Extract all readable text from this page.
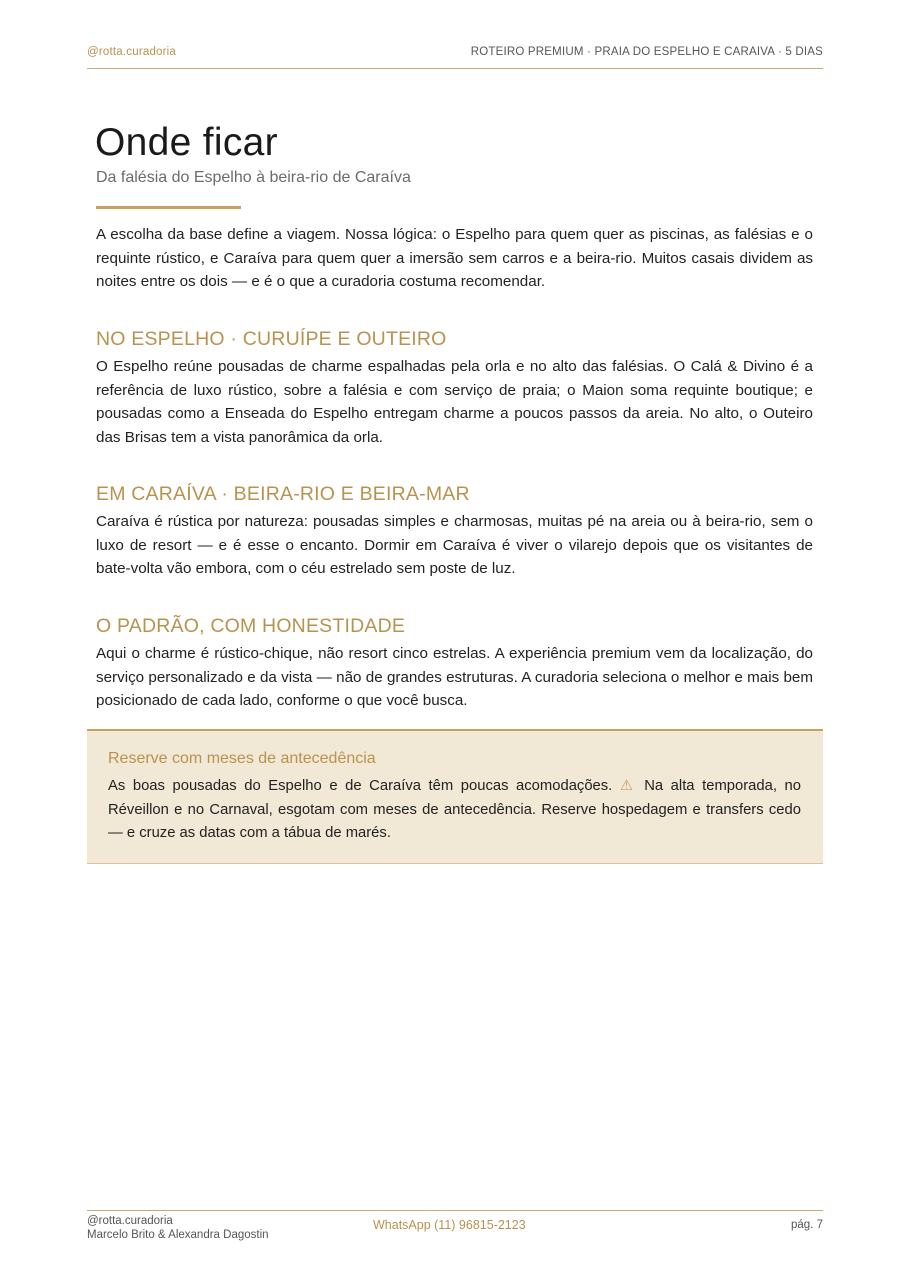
@rotta.curadoria	ROTEIRO PREMIUM · PRAIA DO ESPELHO E CARAIVA · 5 DIAS
Onde ficar
Da falésia do Espelho à beira-rio de Caraíva

A escolha da base define a viagem. Nossa lógica: o Espelho para quem quer as piscinas, as falésias e o requinte rústico, e Caraíva para quem quer a imersão sem carros e a beira-rio. Muitos casais dividem as noites entre os dois — e é o que a curadoria costuma recomendar.

NO ESPELHO · CURUÍPE E OUTEIRO

O Espelho reúne pousadas de charme espalhadas pela orla e no alto das falésias. O Calá & Divino é a referência de luxo rústico, sobre a falésia e com serviço de praia; o Maion soma requinte boutique; e pousadas como a Enseada do Espelho entregam charme a poucos passos da areia. No alto, o Outeiro das Brisas tem a vista panorâmica da orla.

EM CARAÍVA · BEIRA-RIO E BEIRA-MAR

Caraíva é rústica por natureza: pousadas simples e charmosas, muitas pé na areia ou à beira-rio, sem o luxo de resort — e é esse o encanto. Dormir em Caraíva é viver o vilarejo depois que os visitantes de bate-volta vão embora, com o céu estrelado sem poste de luz.

O PADRÃO, COM HONESTIDADE

Aqui o charme é rústico-chique, não resort cinco estrelas. A experiência premium vem da localização, do serviço personalizado e da vista — não de grandes estruturas. A curadoria seleciona o melhor e mais bem posicionado de cada lado, conforme o que você busca.

Reserve com meses de antecedência

As boas pousadas do Espelho e de Caraíva têm poucas acomodações. ⚠ Na alta temporada, no Réveillon e no Carnaval, esgotam com meses de antecedência. Reserve hospedagem e transfers cedo — e cruze as datas com a tábua de marés.

@rotta.curadoria
Marcelo Brito & Alexandra Dagostin
WhatsApp (11) 96815-2123	pág. 7
